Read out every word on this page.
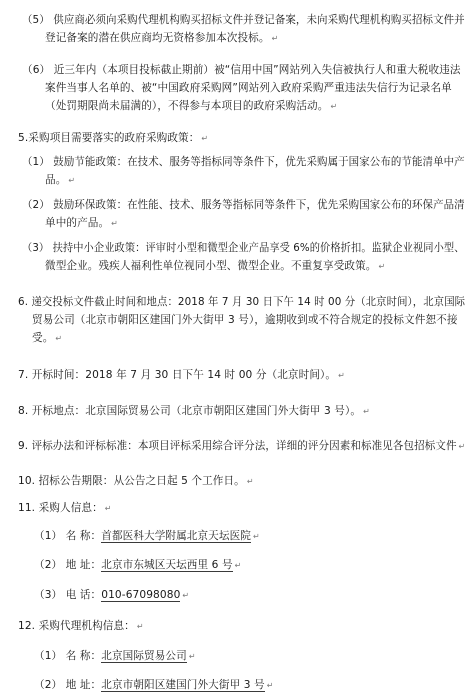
（5） 供应商必须向采购代理机构购买招标文件并登记备案，未向采购代理机构购买招标文件并
登记备案的潜在供应商均无资格参加本次投标。 ↵
（6） 近三年内（本项目投标截止期前）被“信用中国”网站列入失信被执行人和重大税收违法
案件当事人名单的、被“中国政府采购网”网站列入政府采购严重违法失信行为记录名单
（处罚期限尚未届满的），不得参与本项目的政府采购活动。 ↵
5.采购项目需要落实的政府采购政策： ↵
（1） 鼓励节能政策：在技术、服务等指标同等条件下，优先采购属于国家公布的节能清单中产
品。 ↵
（2） 鼓励环保政策：在性能、技术、服务等指标同等条件下，优先采购国家公布的环保产品清
单中的产品。 ↵
（3） 扶持中小企业政策：评审时小型和微型企业产品享受 6%的价格折扣。监狱企业视同小型、
微型企业。残疾人福利性单位视同小型、微型企业。不重复享受政策。 ↵
6. 递交投标文件截止时间和地点：2018 年 7 月 30 日下午 14 时 00 分（北京时间），北京国际
贸易公司（北京市朝阳区建国门外大街甲 3 号），逾期收到或不符合规定的投标文件恕不接
受。 ↵
7. 开标时间：2018 年 7 月 30 日下午 14 时 00 分（北京时间）。 ↵
8. 开标地点：北京国际贸易公司（北京市朝阳区建国门外大街甲 3 号）。 ↵
9. 评标办法和评标标准：本项目评标采用综合评分法，详细的评分因素和标准见各包招标文件 ↵
10. 招标公告期限：从公告之日起 5 个工作日。 ↵
11. 采购人信息： ↵
（1） 名 称：首都医科大学附属北京天坛医院 ↵
（2） 地 址：北京市东城区天坛西里 6 号 ↵
（3） 电 话：010-67098080 ↵
12. 采购代理机构信息： ↵
（1） 名 称：北京国际贸易公司 ↵
（2） 地 址：北京市朝阳区建国门外大街甲 3 号 ↵
